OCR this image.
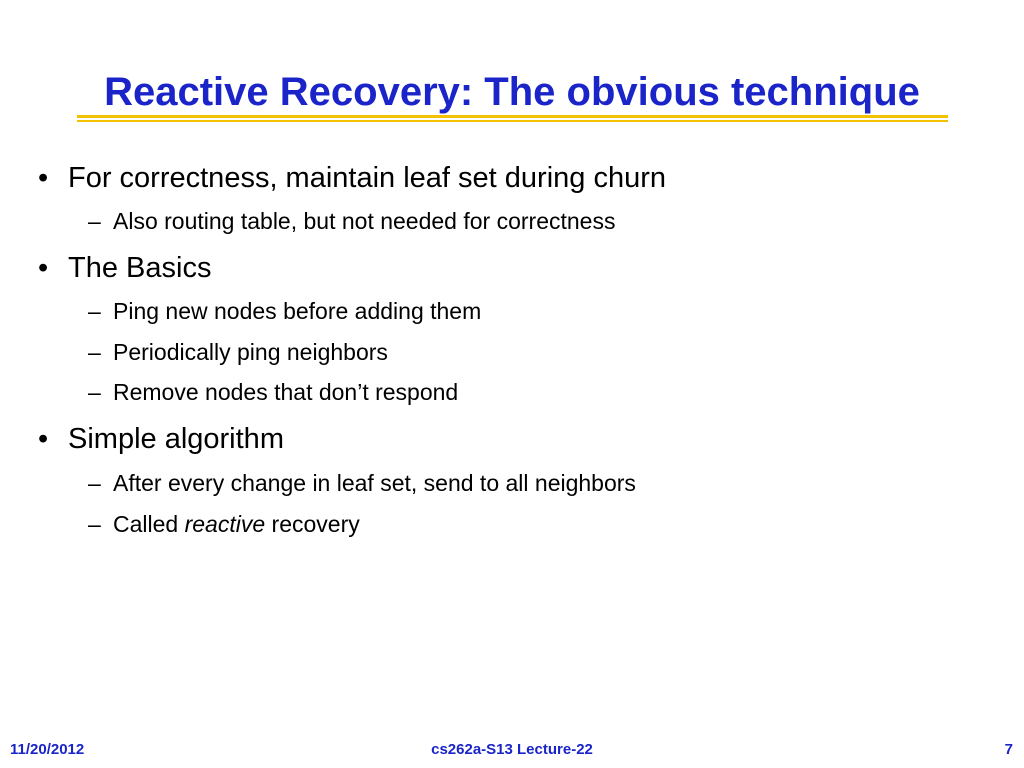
Reactive Recovery: The obvious technique
• For correctness, maintain leaf set during churn
– Also routing table, but not needed for correctness
• The Basics
– Ping new nodes before adding them
– Periodically ping neighbors
– Remove nodes that don’t respond
• Simple algorithm
– After every change in leaf set, send to all neighbors
– Called reactive recovery
11/20/2012	cs262a-S13 Lecture-22	7
